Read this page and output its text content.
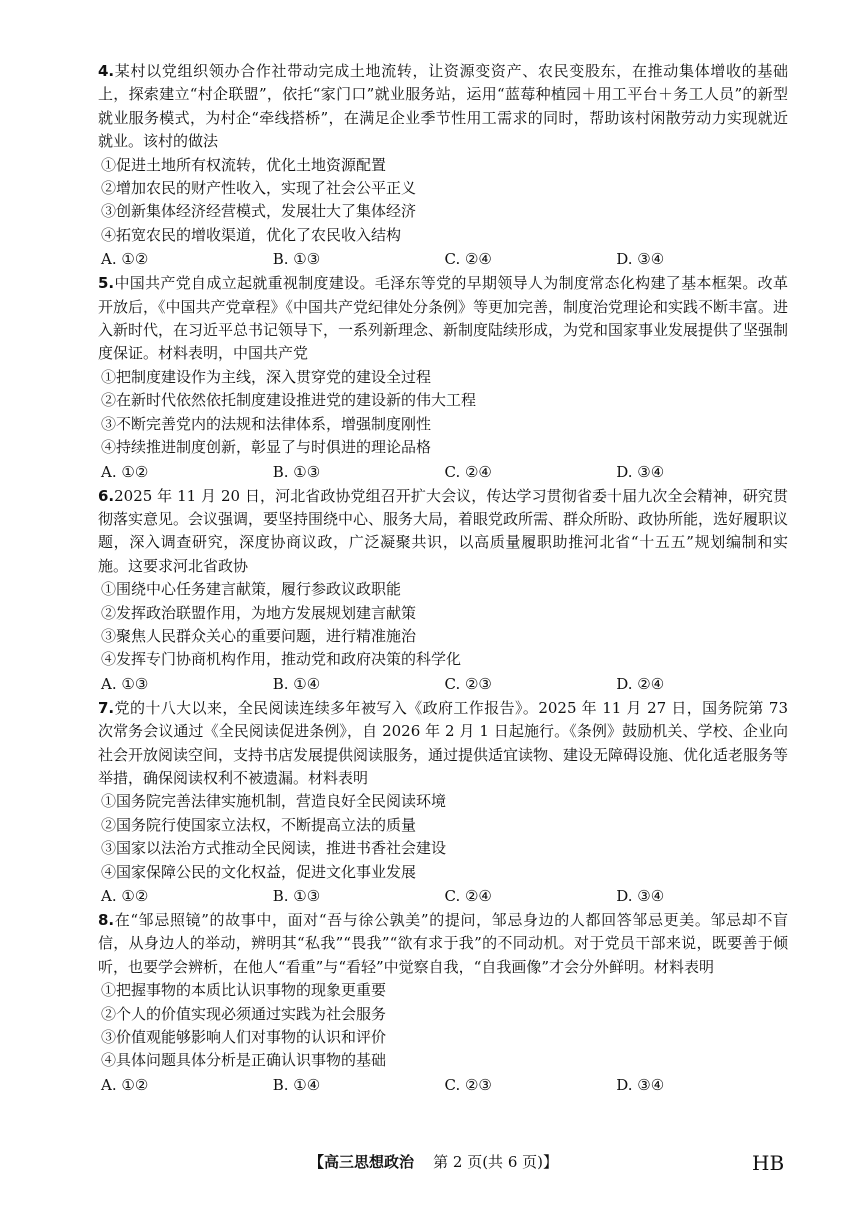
4.某村以党组织领办合作社带动完成土地流转，让资源变资产、农民变股东，在推动集体增收的基础上，探索建立“村企联盟”，依托“家门口”就业服务站，运用“蓝莓种植园＋用工平台＋务工人员”的新型就业服务模式，为村企“牵线搭桥”，在满足企业季节性用工需求的同时，帮助该村闲散劳动力实现就近就业。该村的做法

①促进土地所有权流转，优化土地资源配置

②增加农民的财产性收入，实现了社会公平正义

③创新集体经济经营模式，发展壮大了集体经济

④拓宽农民的增收渠道，优化了农民收入结构

A. ①②	B. ①③	C. ②④	D. ③④

5.中国共产党自成立起就重视制度建设。毛泽东等党的早期领导人为制度常态化构建了基本框架。改革开放后，《中国共产党章程》《中国共产党纪律处分条例》等更加完善，制度治党理论和实践不断丰富。进入新时代，在习近平总书记领导下，一系列新理念、新制度陆续形成，为党和国家事业发展提供了坚强制度保证。材料表明，中国共产党

①把制度建设作为主线，深入贯穿党的建设全过程

②在新时代依然依托制度建设推进党的建设新的伟大工程

③不断完善党内的法规和法律体系，增强制度刚性

④持续推进制度创新，彰显了与时俱进的理论品格

A. ①②	B. ①③	C. ②④	D. ③④

6.2025 年 11 月 20 日，河北省政协党组召开扩大会议，传达学习贯彻省委十届九次全会精神，研究贯彻落实意见。会议强调，要坚持围绕中心、服务大局，着眼党政所需、群众所盼、政协所能，选好履职议题，深入调查研究，深度协商议政，广泛凝聚共识，以高质量履职助推河北省“十五五”规划编制和实施。这要求河北省政协

①围绕中心任务建言献策，履行参政议政职能

②发挥政治联盟作用，为地方发展规划建言献策

③聚焦人民群众关心的重要问题，进行精准施治

④发挥专门协商机构作用，推动党和政府决策的科学化

A. ①③	B. ①④	C. ②③	D. ②④

7.党的十八大以来，全民阅读连续多年被写入《政府工作报告》。2025 年 11 月 27 日，国务院第 73 次常务会议通过《全民阅读促进条例》，自 2026 年 2 月 1 日起施行。《条例》鼓励机关、学校、企业向社会开放阅读空间，支持书店发展提供阅读服务，通过提供适宜读物、建设无障碍设施、优化适老服务等举措，确保阅读权利不被遗漏。材料表明

①国务院完善法律实施机制，营造良好全民阅读环境

②国务院行使国家立法权，不断提高立法的质量

③国家以法治方式推动全民阅读，推进书香社会建设

④国家保障公民的文化权益，促进文化事业发展

A. ①②	B. ①③	C. ②④	D. ③④

8.在“邹忌照镜”的故事中，面对“吾与徐公孰美”的提问，邹忌身边的人都回答邹忌更美。邹忌却不盲信，从身边人的举动，辨明其“私我”“畏我”“欲有求于我”的不同动机。对于党员干部来说，既要善于倾听，也要学会辨析，在他人“看重”与“看轻”中觉察自我，“自我画像”才会分外鲜明。材料表明

①把握事物的本质比认识事物的现象更重要

②个人的价值实现必须通过实践为社会服务

③价值观能够影响人们对事物的认识和评价

④具体问题具体分析是正确认识事物的基础

A. ①②	B. ①④	C. ②③	D. ③④
【高三思想政治 第 2 页(共 6 页)】	HB
